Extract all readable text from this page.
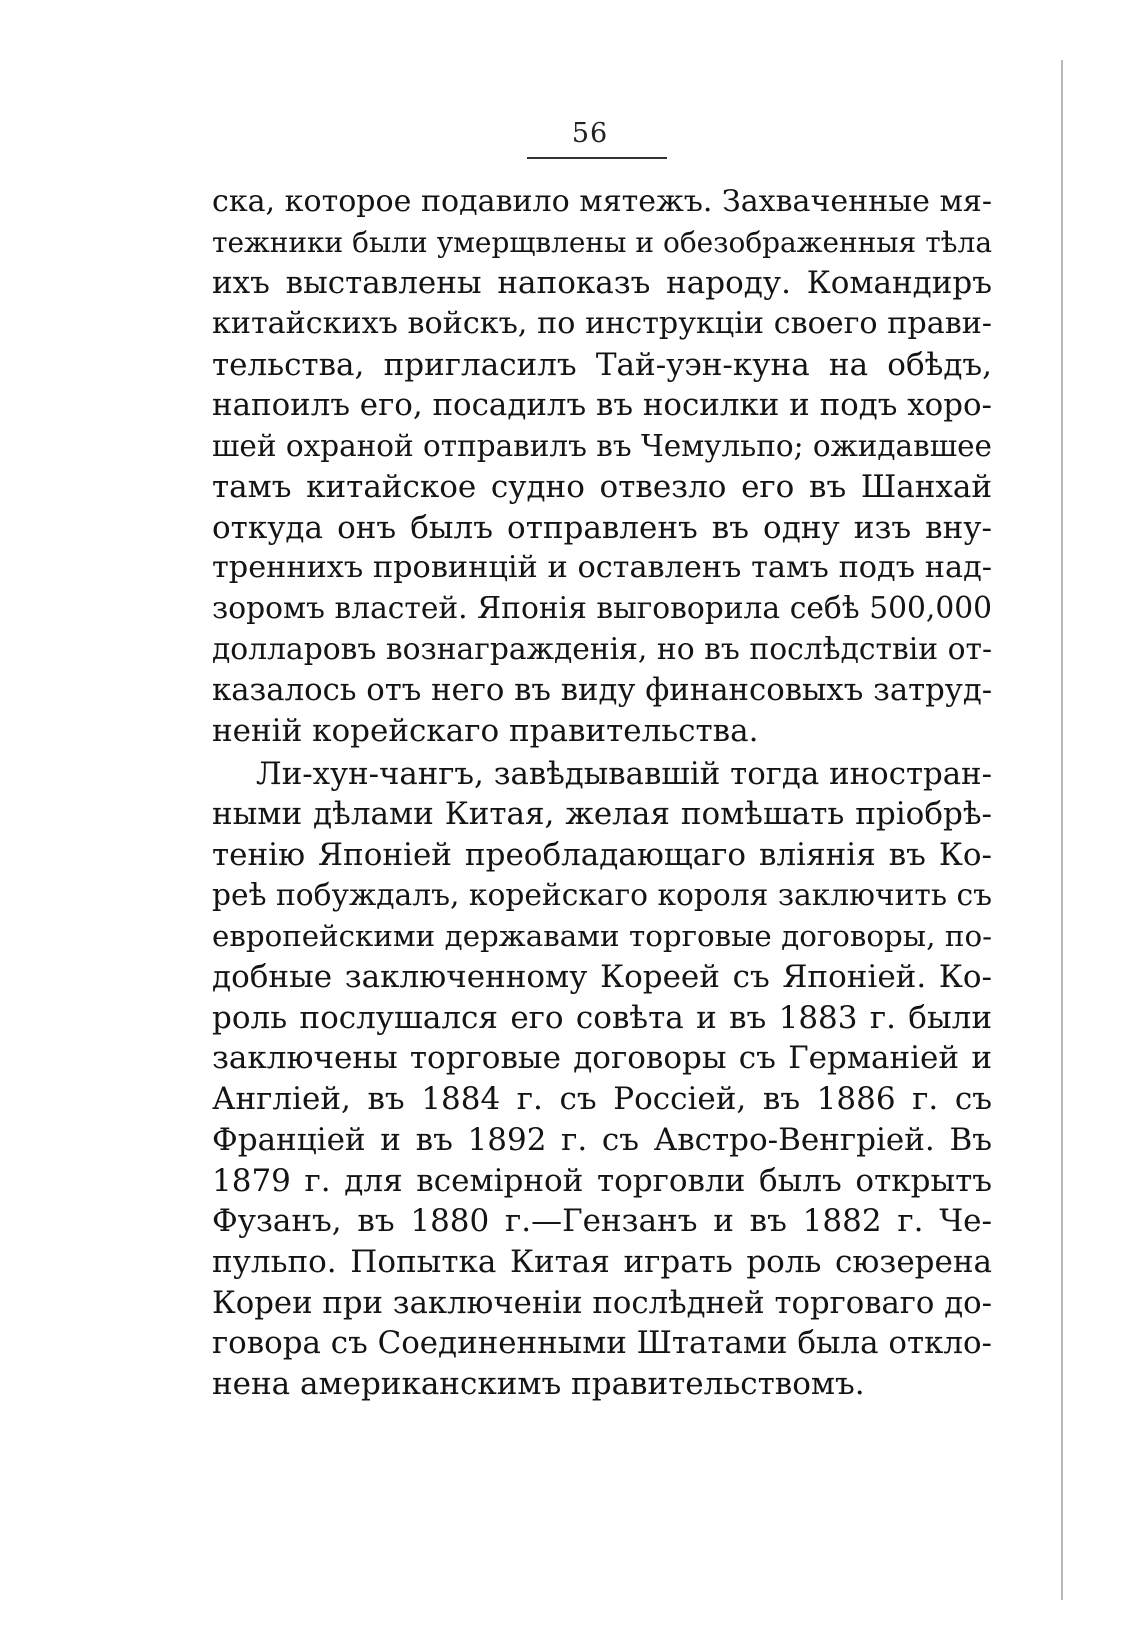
56
ска, которое подавило мятежъ. Захваченные мя-
тежники были умерщвлены и обезображенныя тѣла
ихъ выставлены напоказъ народу. Командиръ
китайскихъ войскъ, по инструкціи своего прави-
тельства, пригласилъ Тай-уэн-куна на обѣдъ,
напоилъ его, посадилъ въ носилки и подъ хоро-
шей охраной отправилъ въ Чемульпо; ожидавшее
тамъ китайское судно отвезло его въ Шанхай
откуда онъ былъ отправленъ въ одну изъ вну-
треннихъ провинцій и оставленъ тамъ подъ над-
зоромъ властей. Японія выговорила себѣ 500,000
долларовъ вознагражденія, но въ послѣдствіи от-
казалось отъ него въ виду финансовыхъ затруд-
неній корейскаго правительства.
Ли-хун-чангъ, завѣдывавшій тогда иностран-
ными дѣлами Китая, желая помѣшать пріобрѣ-
тенію Японіей преобладающаго вліянія въ Ко-
реѣ побуждалъ, корейскаго короля заключить съ
европейскими державами торговые договоры, по-
добные заключенному Кореей съ Японіей. Ко-
роль послушался его совѣта и въ 1883 г. были
заключены торговые договоры съ Германіей и
Англіей, въ 1884 г. съ Россіей, въ 1886 г. съ
Франціей и въ 1892 г. съ Австро-Венгріей. Въ
1879 г. для всемірной торговли былъ открытъ
Фузанъ, въ 1880 г.—Гензанъ и въ 1882 г. Че-
пульпо. Попытка Китая играть роль сюзерена
Кореи при заключеніи послѣдней торговаго до-
говора съ Соединенными Штатами была откло-
нена американскимъ правительствомъ.
